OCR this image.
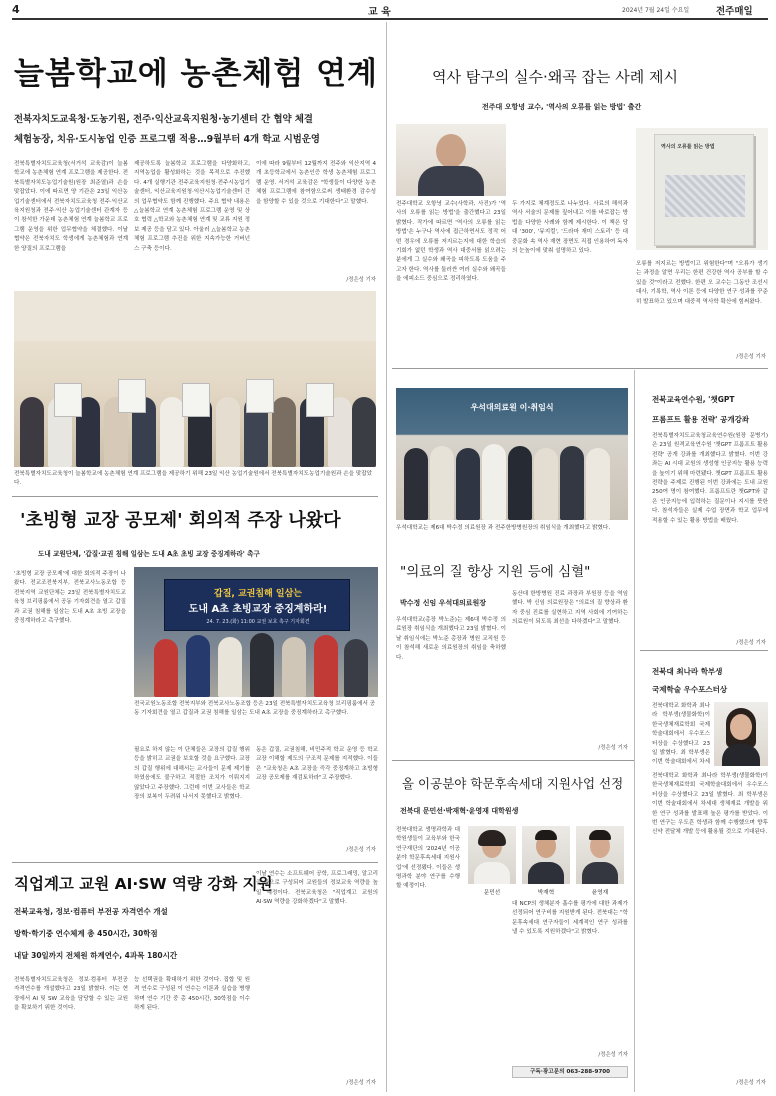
4	교 육	2024년 7월 24일 수요일	전주매일
늘봄학교에 농촌체험 연계
전북자치도교육청·도농기원, 전주·익산교육지원청·농기센터 간 협약 체결
체험농장, 치유·도시농업 인증 프로그램 적용…9월부터 4개 학교 시범운영
전북특별자치도교육청(서거석 교육감)이 늘봄학교에 농촌체험 연계 프로그램을 제공한다. 전북특별자치도농업기술원(원장 최준열)과 손을 맞잡았다. 이에 따르면 양 기관은 23일 익산농업기술센터에서 전북자치도교육청 전주·익산교육지원청과 전주·익산 농업기술센터 관계자 등이 참석한 가운데 농촌체험 연계 늘봄학교 프로그램 운영을 위한 업무협약을 체결했다. 이날 협약은 전북자치도 학생에게 농촌체험과 연계한 양질의 프로그램을
제공하도록 늘봄학교 프로그램을 다양화하고, 지역농업을 활성화하는 것을 목적으로 추진했다. 4개 실행기관 전주교육지원청·전주시농업기술센터, 익산교육지원청·익산시농업기술센터 간의 업무협약도 함께 진행했다. 주요 협약 내용은 △늘봄학교 연계 농촌체험 프로그램 운영 및 상호 협력 △학교와 농촌체험 연계 및 교류 지원 정보 제공 등을 담고 있다. 아울러 △늘봄학교 농촌체험 프로그램 추진을 위한 지속가능한 거버넌스 구축 등이다.
이에 따라 9월부터 12월까지 전주와 익산지역 4개 초등학교에서 농촌인증 학생 농촌체험 프로그램 운영. 서거석 교육감은 "학생들이 다양한 농촌체험 프로그램에 참여함으로써 생태환경 감수성을 함양할 수 있을 것으로 기대한다"고 말했다.
/정은성 기자
전북특별자치도교육청이 늘봄학교에 농촌체험 연계 프로그램을 제공하기 위해 23일 익산 농업기술원에서 전북특별자치도농업기술원과 손을 맞잡았다.
'초빙형 교장 공모제' 회의적 주장 나왔다
도내 교원단체, '갑질·교권 침해 일삼는 도내 A초 초빙 교장 중징계하라' 촉구
'초빙형 교장 공모제'에 대한 회의적 주장이 나왔다. 전교조전북지부, 전북교사노동조합 등 전북지역 교원단체는 23일 전북특별자치도교육청 브리핑룸에서 공동 기자회견을 열고 갑질과 교권 침해를 일삼는 도내 A초 초빙 교장을 중징계하라고 촉구했다.
갑질, 교권침해 일삼는
도내 A초 초빙교장 중징계하라!
24. 7. 23.(화) 11:00 교권 보호 촉구 기자회견
전국교원노동조합 전북지부와 전북교사노동조합 등은 23일 전북특별자치도교육청 브리핑룸에서 공동 기자회견을 열고 갑질과 교권 침해를 일삼는 도내 A초 교장을 중징계하라고 촉구했다.
필요로 하지 않는 이 단체들은 교장의 갑질 행위 등을 밝히고 교권을 보호할 것을 요구했다. 교장의 갑질 행위에 대해서는 교사들이 문제 제기를 하였음에도 불구하고 적절한 조치가 이뤄지지 않았다고 주장했다. 그런데 이번 교사들은 학교장의 보복이 두려워 나서지 못했다고 밝혔다.
동은 갑질, 교권침해, 비민주적 학교 운영 등 학교 교장 이해할 제도의 구조적 문제를 지적했다. 이들은 "교육청은 A초 교장을 즉각 중징계하고 초빙형 교장 공모제를 재검토하라"고 주장했다.
/정은성 기자
직업계고 교원 AI·SW 역량 강화 지원
전북교육청, 정보·컴퓨터 부전공 자격연수 개설
방학·학기중 연수체계 총 450시간, 30학점
내달 30일까지 전체원 하계연수, 4과목 180시간
전북특별자치도교육청은 정보·컴퓨터 부전공 자격연수를 개설했다고 23일 밝혔다. 이는 현장에서 AI 및 SW 교육을 담당할 수 있는 교원을 확보하기 위한 것이다.
능 선택권을 확대하기 위한 것이다. 집합 및 원격 연수로 구성된 이 연수는 이론과 실습을 병행하며 연수 기간 중 총 450시간, 30학점을 이수하게 된다.
이날 연수는 소프트웨어 공학, 프로그래밍, 알고리즘 등으로 구성되어 교원들의 정보교육 역량을 높일 예정이다. 전북교육청은 "직업계고 교원의 AI·SW 역량을 강화하겠다"고 말했다.
/정은성 기자
역사 탐구의 실수·왜곡 잡는 사례 제시
전주대 오항녕 교수, '역사의 오류를 읽는 방법' 출간
전주대학교 오항녕 교수(사학과, 사진)가 '역사의 오류를 읽는 방법'을 출간했다고 23일 밝혔다. 작가에 따르면 '역사의 오류를 읽는 방법'은 누구나 역사에 접근하면서도 정작 어떤 경우에 오류를 저지르는지에 대한 학습의 기회가 없던 학생과 역사 대중서를 읽으려는 분에게 그 실수와 왜곡을 피하도록 도움을 주고자 한다. 역사를 둘러싼 여러 실수와 왜곡들을 에피소드 중심으로 정리하였다.
두 가지로 체계정도로 나누었다. 사료의 해석과 역사 서술의 문제를 짚어내고 이를 바로잡는 방법을 다양한 사례와 함께 제시한다. 이 책은 당대 '300', '뮤지컬', '드라마 재미 스토리' 등 대중문화 속 역사 재현 장면도 직접 인용하여 독자의 눈높이에 맞춰 설명하고 있다.
역사의 오류를 읽는 방법
오류를 저지르는 방법이고 위험한다"며 "오류가 생기는 과정을 알면 우리는 한편 건강한 역사 공부를 할 수 있을 것"이라고 전했다. 한편 오 교수는 그동안 조선시대사, 기록학, 역사 이론 등에 다양한 연구 성과를 꾸준히 발표하고 있으며 대중적 역사학 확산에 힘써왔다.
/정은성 기자
우석대의료원 이·취임식
우석대학교는 제6대 박수정 의료원장 과 전주한방병원장의 취임식을 개최했다고 밝혔다.
"의료의 질 향상 지원 등에 심혈"
박수정 신임 우석대의료원장
우석대학교(총장 박노준)는 제6대 박수정 의료원장 취임식을 개최했다고 23일 밝혔다. 이날 취임식에는 박노준 총장과 병원 교직원 등이 참석해 새로운 의료원장의 취임을 축하했다.
동산대 한방병원 진료 과장과 부원장 등을 역임했다. 박 신임 의료원장은 "의료의 질 향상과 환자 중심 진료를 실현하고 지역 사회에 기여하는 의료원이 되도록 최선을 다하겠다"고 말했다.
/정은성 기자
올 이공분야 학문후속세대 지원사업 선정
전북대 문민선·박재혁·윤영재 대학원생
전북대학교 생명과학과 대학원생들이 교육부와 한국연구재단의 '2024년 이공분야 학문후속세대 지원사업'에 선정됐다. 이들은 생명과학 분야 연구를 수행할 예정이다.
문민선	박재혁	윤영재
대 NCP의 생체분자 흡수를 평가에 대한 과제가 선정되어 연구비를 지원받게 된다. 전북대는 "학문후속세대 연구자들이 세계적인 연구 성과를 낼 수 있도록 지원하겠다"고 밝혔다.
/정은성 기자
구독·광고문의 063-288-9700
전북교육연수원, '챗GPT
프롬프트 활용 전략' 공개강좌
전북특별자치도교육청교육연수원(원장 문병기)은 23일 원격교육연수원 '챗GPT 프롬프트 활용 전략' 공개 강좌를 개최했다고 밝혔다. 이번 강좌는 AI 시대 교원의 생성형 인공지능 활용 능력을 높이기 위해 마련됐다. 챗GPT 프롬프트 활용 전략을 주제로 진행된 이번 강좌에는 도내 교원 250여 명이 참여했다. 프롬프트란 챗GPT와 같은 인공지능에 입력하는 질문이나 지시를 뜻한다. 참석자들은 실제 수업 장면과 학교 업무에 적용할 수 있는 활용 방법을 배웠다.
/정은성 기자
전북대 최나라 학부생
국제학술 우수포스터상
전북대학교 화학과 최나라 학부생(생물화학)이 한국생체재료학회 국제학술대회에서 우수포스터상을 수상했다고 23일 밝혔다. 최 학부생은 이번 학술대회에서 차세
전북대학교 화학과 최나라 학부생(생물화학)이 한국생체재료학회 국제학술대회에서 우수포스터상을 수상했다고 23일 밝혔다. 최 학부생은 이번 학술대회에서 차세대 생체재료 개발을 위한 연구 성과를 발표해 높은 평가를 받았다. 이번 연구는 우도흔 학생과 함께 수행했으며 향후 신약 전달체 개발 등에 활용될 것으로 기대된다.
/정은성 기자
